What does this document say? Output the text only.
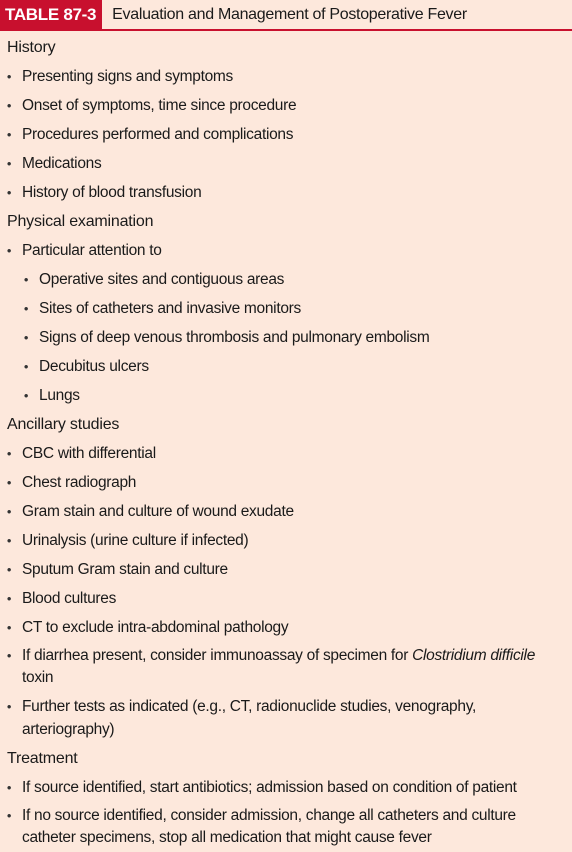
TABLE 87-3	Evaluation and Management of Postoperative Fever
History
• Presenting signs and symptoms
• Onset of symptoms, time since procedure
• Procedures performed and complications
• Medications
• History of blood transfusion
Physical examination
• Particular attention to
• Operative sites and contiguous areas
• Sites of catheters and invasive monitors
• Signs of deep venous thrombosis and pulmonary embolism
• Decubitus ulcers
• Lungs
Ancillary studies
• CBC with differential
• Chest radiograph
• Gram stain and culture of wound exudate
• Urinalysis (urine culture if infected)
• Sputum Gram stain and culture
• Blood cultures
• CT to exclude intra-abdominal pathology
• If diarrhea present, consider immunoassay of specimen for Clostridium difficile toxin
• Further tests as indicated (e.g., CT, radionuclide studies, venography, arteriography)
Treatment
• If source identified, start antibiotics; admission based on condition of patient
• If no source identified, consider admission, change all catheters and culture catheter specimens, stop all medication that might cause fever
